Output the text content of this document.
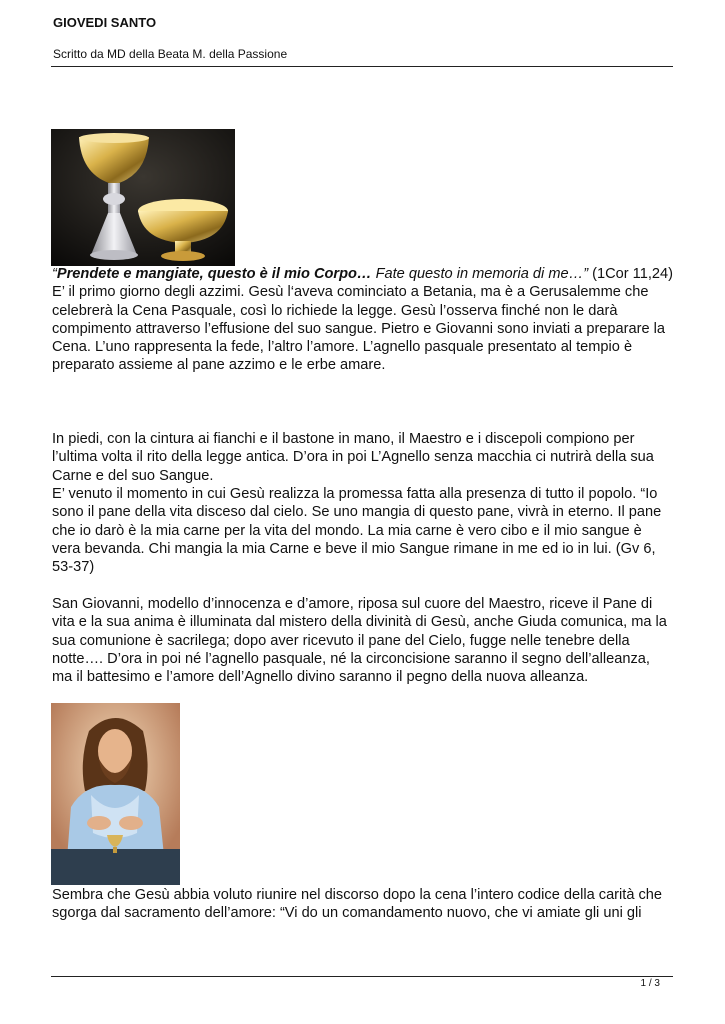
GIOVEDI SANTO
Scritto da MD della Beata M. della Passione

“Prendete e mangiate, questo è il mio Corpo… Fate questo in memoria di me…” (1Cor 11,24) E’ il primo giorno degli azzimi. Gesù l‘aveva cominciato a Betania, ma è a Gerusalemme che celebrerà la Cena Pasquale, così lo richiede la legge. Gesù l’osserva finché non le darà compimento attraverso l’effusione del suo sangue. Pietro e Giovanni sono inviati a preparare la Cena. L’uno rappresenta la fede, l’altro l’amore. L’agnello pasquale presentato al tempio è preparato assieme al pane azzimo e le erbe amare.

In piedi, con la cintura ai fianchi e il bastone in mano, il Maestro e i discepoli compiono per l’ultima volta il rito della legge antica. D’ora in poi L’Agnello senza macchia ci nutrirà della sua Carne e del suo Sangue.

E’ venuto il momento in cui Gesù realizza la promessa fatta alla presenza di tutto il popolo. “Io sono il pane della vita disceso dal cielo. Se uno mangia di questo pane, vivrà in eterno. Il pane che io darò è la mia carne per la vita del mondo. La mia carne è vero cibo e il mio sangue è vera bevanda. Chi mangia la mia Carne e beve il mio Sangue rimane in me ed io in lui. (Gv 6, 53-37)

San Giovanni, modello d’innocenza e d’amore, riposa sul cuore del Maestro, riceve il Pane di vita e la sua anima è illuminata dal mistero della divinità di Gesù, anche Giuda comunica, ma la sua comunione è sacrilega; dopo aver ricevuto il pane del Cielo, fugge nelle tenebre della notte…. D’ora in poi né l’agnello pasquale, né la circoncisione saranno il segno dell’alleanza, ma il battesimo e l’amore dell’Agnello divino saranno il pegno della nuova alleanza.

Sembra che Gesù abbia voluto riunire nel discorso dopo la cena l’intero codice della carità che sgorga dal sacramento dell’amore: “Vi do un comandamento nuovo, che vi amiate gli uni gli

1 / 3
